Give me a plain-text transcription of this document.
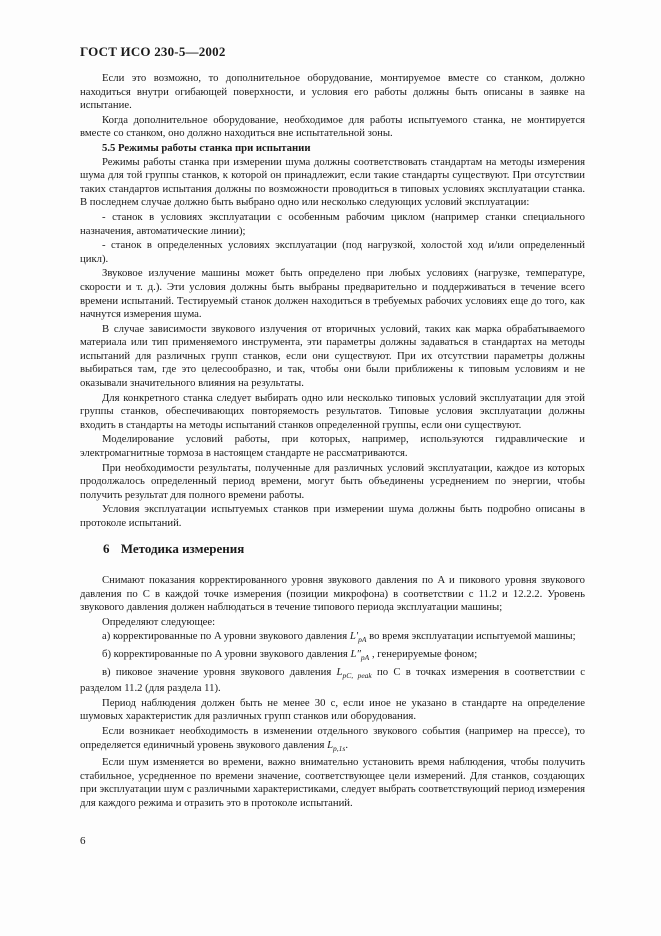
ГОСТ ИСО 230-5—2002

Если это возможно, то дополнительное оборудование, монтируемое вместе со станком, должно находиться внутри огибающей поверхности, и условия его работы должны быть описаны в заявке на испытание.

Когда дополнительное оборудование, необходимое для работы испытуемого станка, не монтируется вместе со станком, оно должно находиться вне испытательной зоны.

5.5 Режимы работы станка при испытании

Режимы работы станка при измерении шума должны соответствовать стандартам на методы измерения шума для той группы станков, к которой он принадлежит, если такие стандарты существуют. При отсутствии таких стандартов испытания должны по возможности проводиться в типовых условиях эксплуатации станка. В последнем случае должно быть выбрано одно или несколько следующих условий эксплуатации:

- станок в условиях эксплуатации с особенным рабочим циклом (например станки специального назначения, автоматические линии);

- станок в определенных условиях эксплуатации (под нагрузкой, холостой ход и/или определенный цикл).

Звуковое излучение машины может быть определено при любых условиях (нагрузке, температуре, скорости и т. д.). Эти условия должны быть выбраны предварительно и поддерживаться в течение всего времени испытаний. Тестируемый станок должен находиться в требуемых рабочих условиях еще до того, как начнутся измерения шума.

В случае зависимости звукового излучения от вторичных условий, таких как марка обрабатываемого материала или тип применяемого инструмента, эти параметры должны задаваться в стандартах на методы испытаний для различных групп станков, если они существуют. При их отсутствии параметры должны выбираться там, где это целесообразно, и так, чтобы они были приближены к типовым условиям и не оказывали значительного влияния на результаты.

Для конкретного станка следует выбирать одно или несколько типовых условий эксплуатации для этой группы станков, обеспечивающих повторяемость результатов. Типовые условия эксплуатации должны входить в стандарты на методы испытаний станков определенной группы, если они существуют.

Моделирование условий работы, при которых, например, используются гидравлические и электромагнитные тормоза в настоящем стандарте не рассматриваются.

При необходимости результаты, полученные для различных условий эксплуатации, каждое из которых продолжалось определенный период времени, могут быть объединены усреднением по энергии, чтобы получить результат для полного времени работы.

Условия эксплуатации испытуемых станков при измерении шума должны быть подробно описаны в протоколе испытаний.

6 Методика измерения

Снимают показания корректированного уровня звукового давления по A и пикового уровня звукового давления по C в каждой точке измерения (позиции микрофона) в соответствии с 11.2 и 12.2.2. Уровень звукового давления должен наблюдаться в течение типового периода эксплуатации машины;

Определяют следующее:

а) корректированные по A уровни звукового давления $L'_{pA}$ во время эксплуатации испытуемой машины;

б) корректированные по A уровни звукового давления $L''_{pA}$ , генерируемые фоном;

в) пиковое значение уровня звукового давления $L_{pC, peak}$ по C в точках измерения в соответствии с разделом 11.2 (для раздела 11).

Период наблюдения должен быть не менее 30 с, если иное не указано в стандарте на определение шумовых характеристик для различных групп станков или оборудования.

Если возникает необходимость в изменении отдельного звукового события (например на прессе), то определяется единичный уровень звукового давления $L_{p,1s}$.

Если шум изменяется во времени, важно внимательно установить время наблюдения, чтобы получить стабильное, усредненное по времени значение, соответствующее цели измерений. Для станков, создающих при эксплуатации шум с различными характеристиками, следует выбрать соответствующий период измерения для каждого режима и отразить это в протоколе испытаний.

6
